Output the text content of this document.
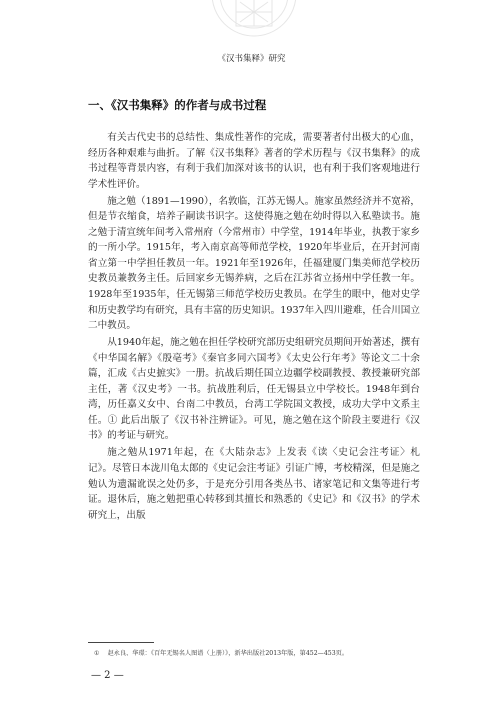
《汉书集释》研究
一、《汉书集释》的作者与成书过程

有关古代史书的总结性、集成性著作的完成，需要著者付出极大的心血，经历各种艰难与曲折。了解《汉书集释》著者的学术历程与《汉书集释》的成书过程等背景内容，有利于我们加深对该书的认识，也有利于我们客观地进行学术性评价。

施之勉（1891—1990），名敦临，江苏无锡人。施家虽然经济并不宽裕，但是节衣缩食，培养子嗣读书识字。这使得施之勉在幼时得以入私塾读书。施之勉于清宣统年间考入常州府（今常州市）中学堂，1914年毕业，执教于家乡的一所小学。1915年，考入南京高等师范学校，1920年毕业后，在开封河南省立第一中学担任教员一年。1921年至1926年，任福建厦门集美师范学校历史教员兼教务主任。后回家乡无锡养病，之后在江苏省立扬州中学任教一年。1928年至1935年，任无锡第三师范学校历史教员。在学生的眼中，他对史学和历史教学均有研究，具有丰富的历史知识。1937年入四川避难，任合川国立二中教员。

从1940年起，施之勉在担任学校研究部历史组研究员期间开始著述，撰有《中华国名解》《殷亳考》《秦官多同六国考》《太史公行年考》等论文二十余篇，汇成《古史摭实》一册。抗战后期任国立边疆学校副教授、教授兼研究部主任，著《汉史考》一书。抗战胜利后，任无锡县立中学校长。1948年到台湾，历任嘉义女中、台南二中教员，台湾工学院国文教授，成功大学中文系主任。① 此后出版了《汉书补注辨证》。可见，施之勉在这个阶段主要进行《汉书》的考证与研究。

施之勉从1971年起，在《大陆杂志》上发表《读〈史记会注考证〉札记》。尽管日本泷川龟太郎的《史记会注考证》引证广博，考校精深，但是施之勉认为遗漏讹误之处仍多，于是充分引用各类丛书、诸家笔记和文集等进行考证。退休后，施之勉把重心转移到其擅长和熟悉的《史记》和《汉书》的学术研究上，出版

① 赵永良、华璟：《百年无锡名人图谱（上册）》，新华出版社2013年版，第452—453页。
— 2 —
